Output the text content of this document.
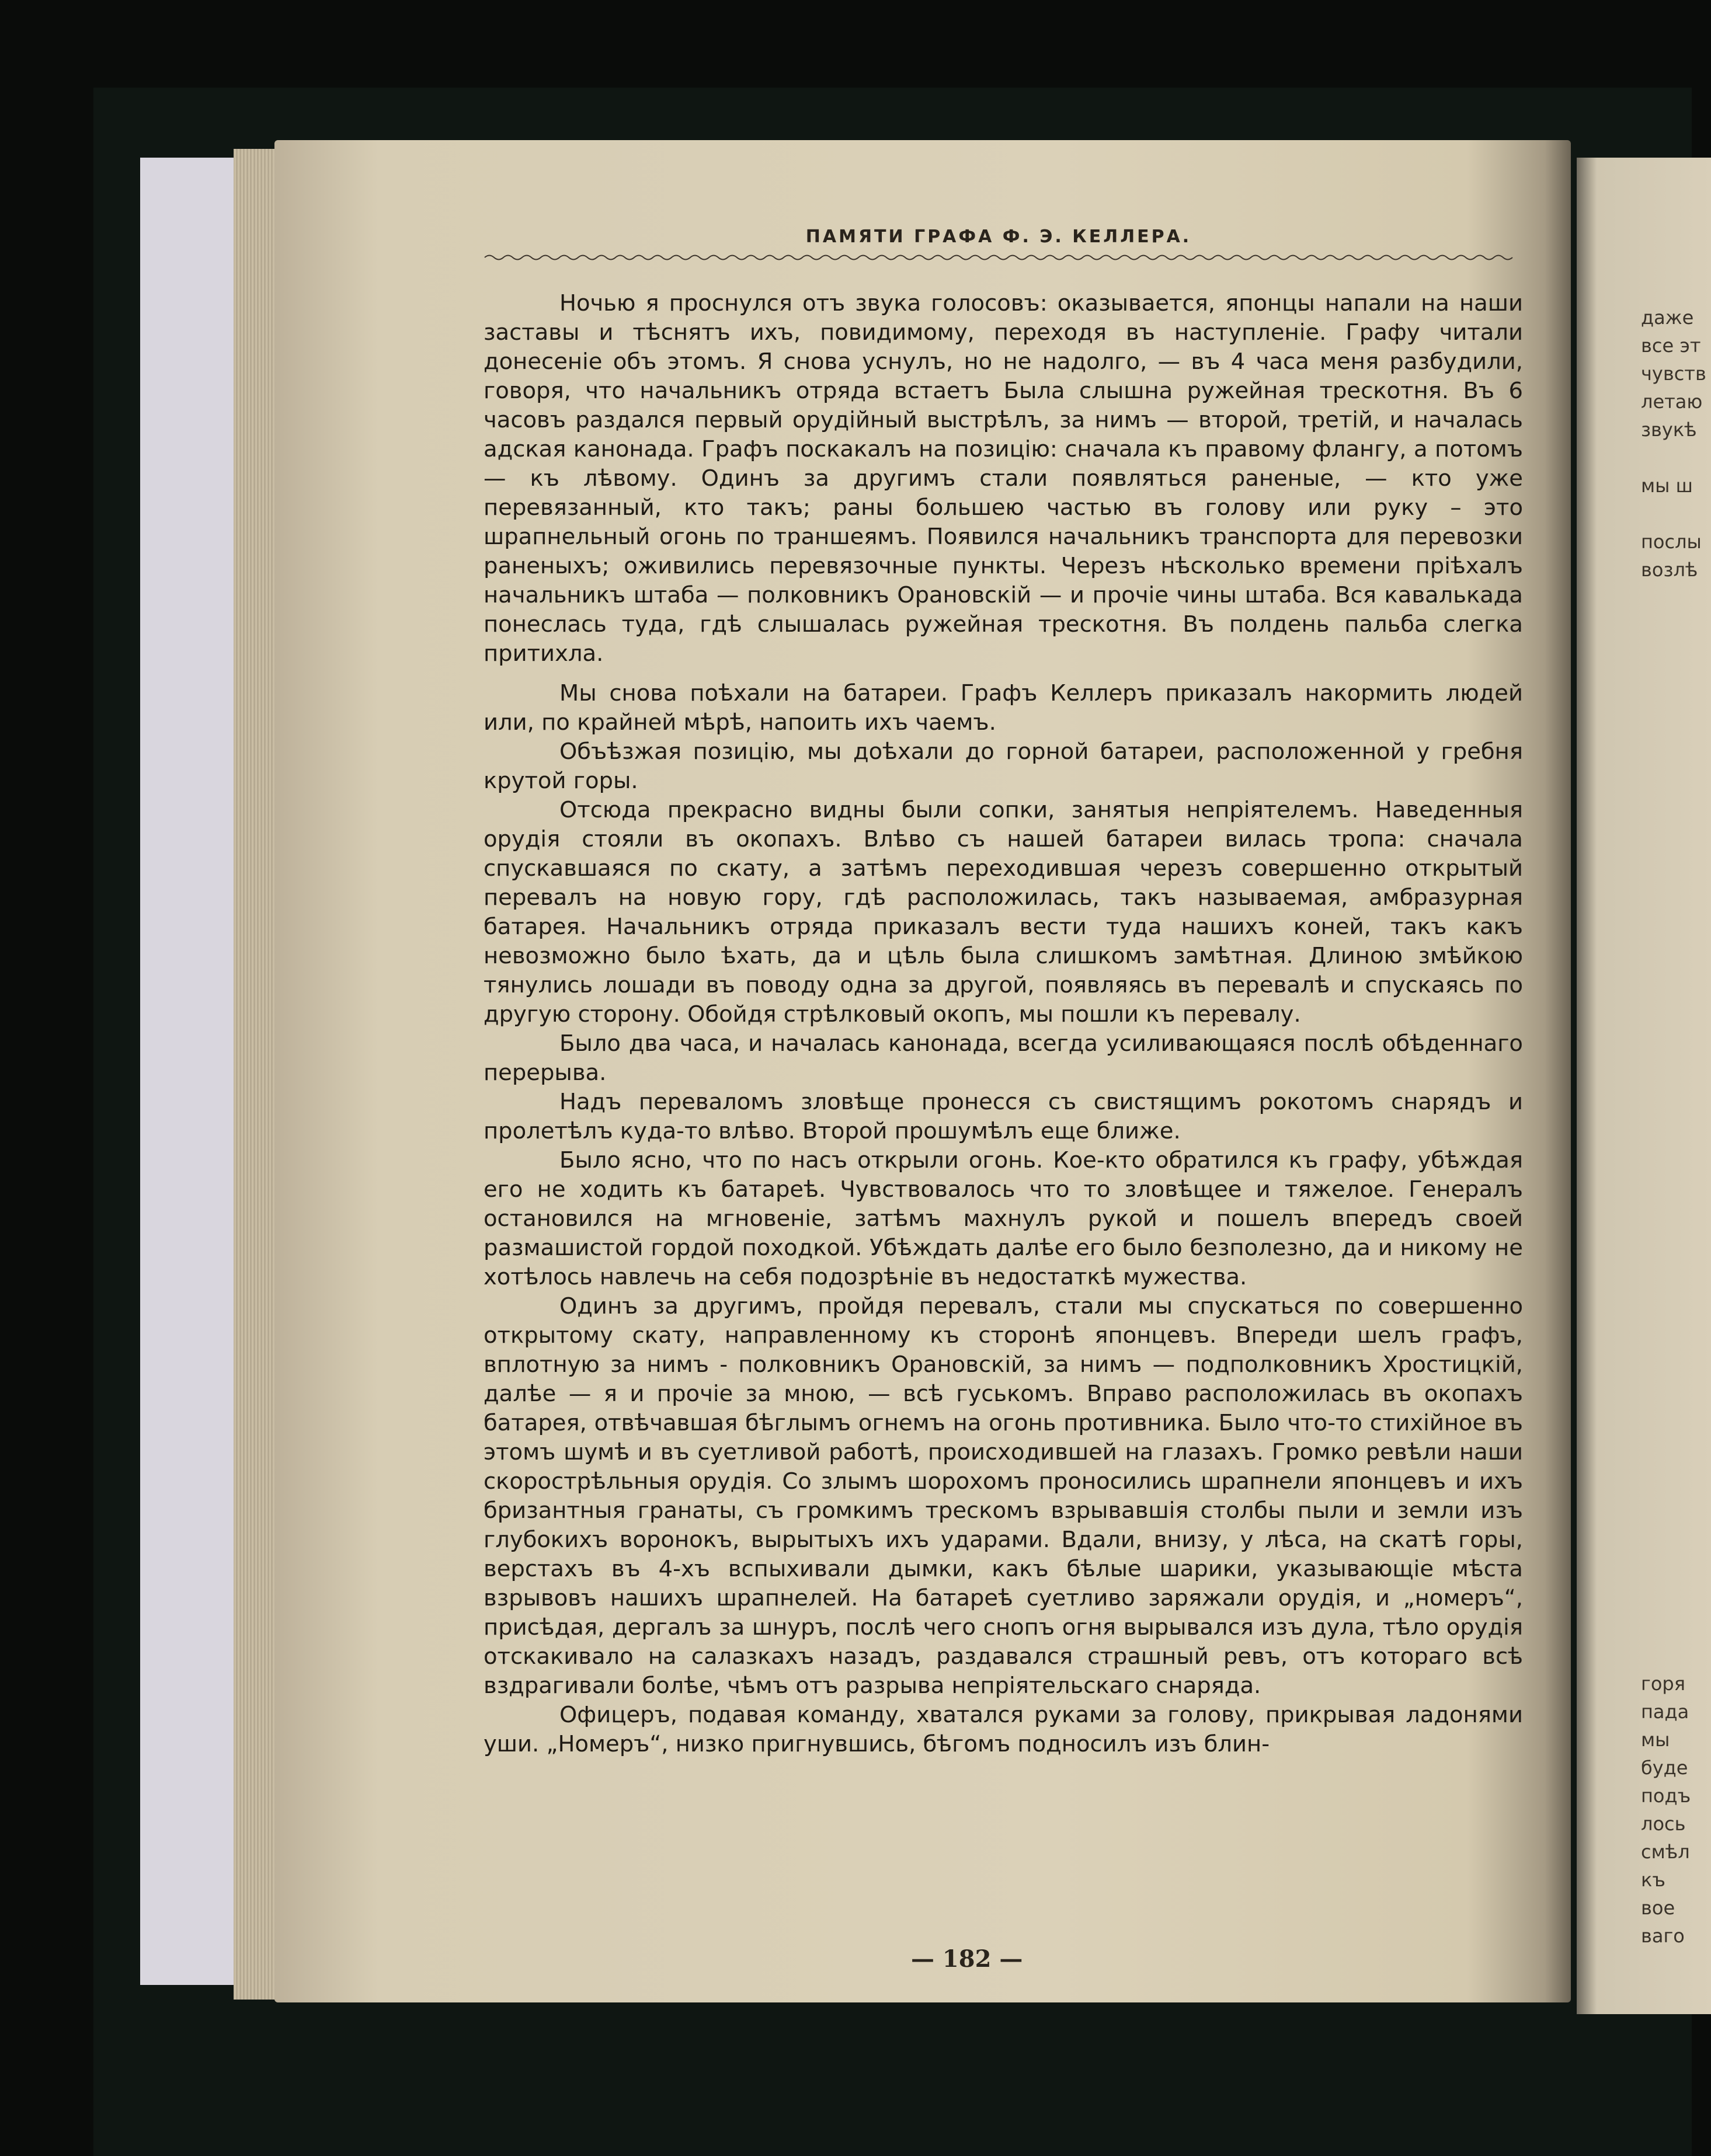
ПАМЯТИ ГРАФА Ф. Э. КЕЛЛЕРА.

Ночью я проснулся отъ звука голосовъ: оказывается, японцы напали на наши заставы и тѣснятъ ихъ, повидимому, переходя въ наступленіе. Графу читали донесеніе объ этомъ. Я снова уснулъ, но не надолго, — въ 4 часа меня разбудили, говоря, что начальникъ отряда встаетъ Была слышна ружейная трескотня. Въ 6 часовъ раздался первый орудійный выстрѣлъ, за нимъ — второй, третій, и началась адская канонада. Графъ поскакалъ на позицію: сначала къ правому флангу, а потомъ — къ лѣвому. Одинъ за другимъ стали появляться раненые, — кто уже перевязанный, кто такъ; раны большею частью въ голову или руку – это шрапнельный огонь по траншеямъ. Появился начальникъ транспорта для перевозки раненыхъ; оживились перевязочные пункты. Черезъ нѣсколько времени пріѣхалъ начальникъ штаба — полковникъ Орановскій — и прочіе чины штаба. Вся кавалькада понеслась туда, гдѣ слышалась ружейная трескотня. Въ полдень пальба слегка притихла.

Мы снова поѣхали на батареи. Графъ Келлеръ приказалъ накормить людей или, по крайней мѣрѣ, напоить ихъ чаемъ.

Объѣзжая позицію, мы доѣхали до горной батареи, расположенной у гребня крутой горы.

Отсюда прекрасно видны были сопки, занятыя непріятелемъ. Наведенныя орудія стояли въ окопахъ. Влѣво съ нашей батареи вилась тропа: сначала спускавшаяся по скату, а затѣмъ переходившая черезъ совершенно открытый перевалъ на новую гору, гдѣ расположилась, такъ называемая, амбразурная батарея. Начальникъ отряда приказалъ вести туда нашихъ коней, такъ какъ невозможно было ѣхать, да и цѣль была слишкомъ замѣтная. Длиною змѣйкою тянулись лошади въ поводу одна за другой, появляясь въ перевалѣ и спускаясь по другую сторону. Обойдя стрѣлковый окопъ, мы пошли къ перевалу.

Было два часа, и началась канонада, всегда усиливающаяся послѣ обѣденнаго перерыва.

Надъ переваломъ зловѣще пронесся съ свистящимъ рокотомъ снарядъ и пролетѣлъ куда-то влѣво. Второй прошумѣлъ еще ближе.

Было ясно, что по насъ открыли огонь. Кое-кто обратился къ графу, убѣждая его не ходить къ батареѣ. Чувствовалось что то зловѣщее и тяжелое. Генералъ остановился на мгновеніе, затѣмъ махнулъ рукой и пошелъ впередъ своей размашистой гордой походкой. Убѣждать далѣе его было безполезно, да и никому не хотѣлось навлечь на себя подозрѣніе въ недостаткѣ мужества.

Одинъ за другимъ, пройдя перевалъ, стали мы спускаться по совершенно открытому скату, направленному къ сторонѣ японцевъ. Впереди шелъ графъ, вплотную за нимъ - полковникъ Орановскій, за нимъ — подполковникъ Хростицкій, далѣе — я и прочіе за мною, — всѣ гуськомъ. Вправо расположилась въ окопахъ батарея, отвѣчавшая бѣглымъ огнемъ на огонь противника. Было что-то стихійное въ этомъ шумѣ и въ суетливой работѣ, происходившей на глазахъ. Громко ревѣли наши скорострѣльныя орудія. Со злымъ шорохомъ проносились шрапнели японцевъ и ихъ бризантныя гранаты, съ громкимъ трескомъ взрывавшія столбы пыли и земли изъ глубокихъ воронокъ, вырытыхъ ихъ ударами. Вдали, внизу, у лѣса, на скатѣ горы, верстахъ въ 4-хъ вспыхивали дымки, какъ бѣлые шарики, указывающіе мѣста взрывовъ нашихъ шрапнелей. На батареѣ суетливо заряжали орудія, и „номеръ“, присѣдая, дергалъ за шнуръ, послѣ чего снопъ огня вырывался изъ дула, тѣло орудія отскакивало на салазкахъ назадъ, раздавался страшный ревъ, отъ котораго всѣ вздрагивали болѣе, чѣмъ отъ разрыва непріятельскаго снаряда.

Офицеръ, подавая команду, хватался руками за голову, прикрывая ладонями уши. „Номеръ“, низко пригнувшись, бѣгомъ подносилъ изъ блин-

— 182 —
даже
все эт
чувств
летаю
звукѣ

мы ш

послы
возлѣ
горя
пада
мы
буде
подъ
лось
смѣл
къ
вое
ваго
